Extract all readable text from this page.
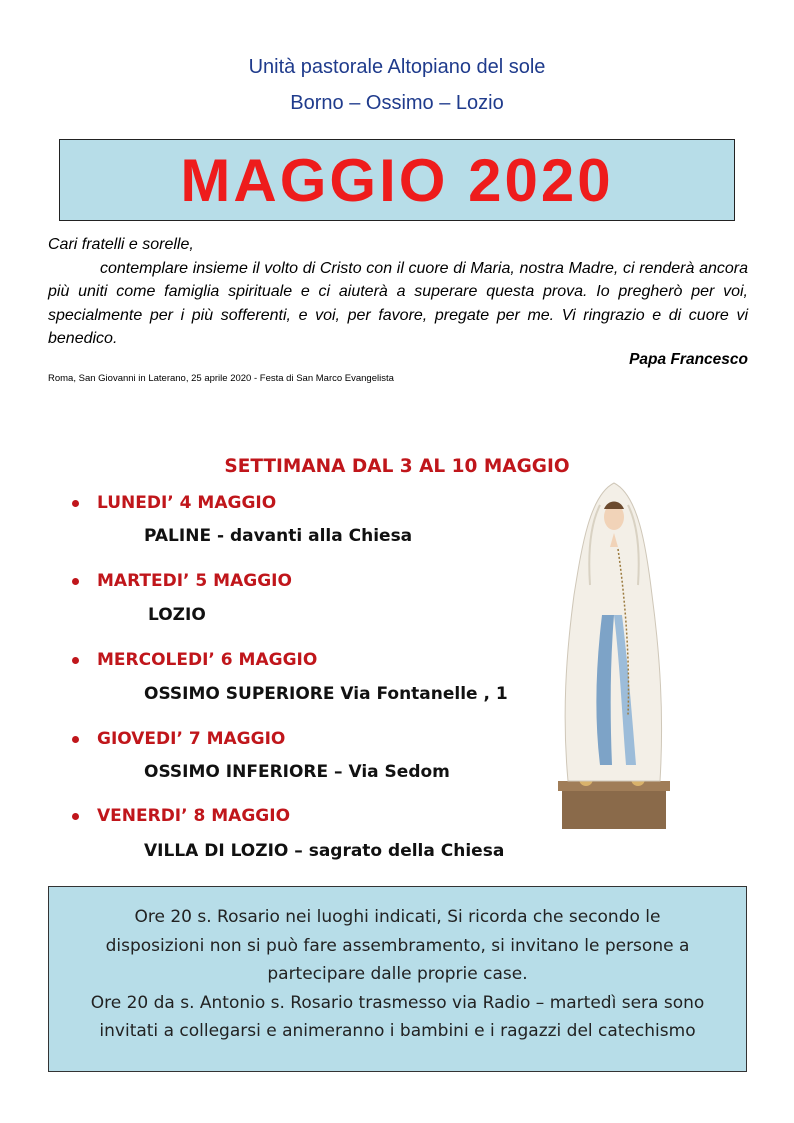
Unità pastorale Altopiano del sole
Borno – Ossimo – Lozio
MAGGIO 2020
Cari fratelli e sorelle,
contemplare insieme il volto di Cristo con il cuore di Maria, nostra Madre, ci renderà ancora più uniti come famiglia spirituale e ci aiuterà a superare questa prova. Io pregherò per voi, specialmente per i più sofferenti, e voi, per favore, pregate per me. Vi ringrazio e di cuore vi benedico.
Papa Francesco
Roma, San Giovanni in Laterano, 25 aprile 2020 - Festa di San Marco Evangelista
SETTIMANA DAL 3 AL 10 MAGGIO
LUNEDI’ 4 MAGGIO
PALINE - davanti alla Chiesa
MARTEDI’ 5 MAGGIO
LOZIO
MERCOLEDI’ 6 MAGGIO
OSSIMO SUPERIORE Via Fontanelle , 1
GIOVEDI’ 7 MAGGIO
OSSIMO INFERIORE – Via Sedom
VENERDI’ 8 MAGGIO
VILLA DI LOZIO – sagrato della Chiesa
Ore 20 s. Rosario nei luoghi indicati, Si ricorda che secondo le
disposizioni non si può fare assembramento, si invitano le persone a
partecipare dalle proprie case.
Ore 20 da s. Antonio s. Rosario trasmesso via Radio – martedì sera sono
invitati a collegarsi e animeranno i bambini e i ragazzi del catechismo
